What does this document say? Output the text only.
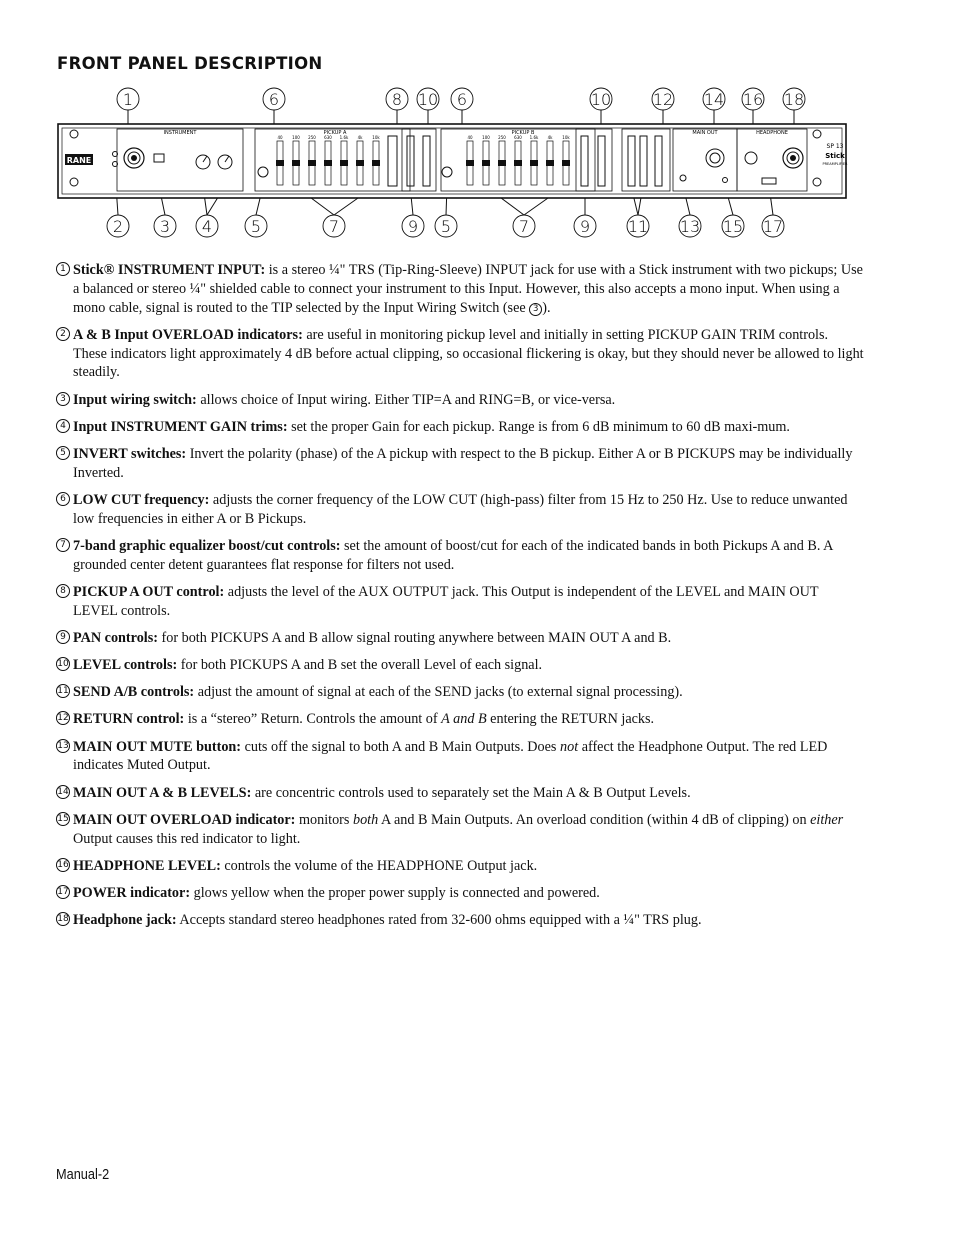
FRONT PANEL DESCRIPTION
1	6	8 10 6	10	12 14 16 18
2 3 4 5	7	9 5	7	9 11 13 15 17
RANE
INSTRUMENT	PICKUP A
40 100 250 630 1.6k 4k 10k
PICKUP B
40 100 250 630 1.6k 4k 10k
MAIN OUT	HEADPHONE
SP 13
Stick
PREAMPLIFIER
1 Stick® INSTRUMENT INPUT: is a stereo ¼" TRS (Tip-Ring-Sleeve) INPUT jack for use with a Stick instrument with two pickups; Use a balanced or stereo ¼" shielded cable to connect your instrument to this Input. However, this also accepts a mono input. When using a mono cable, signal is routed to the TIP selected by the Input Wiring Switch (see 3 ).
2 A & B Input OVERLOAD indicators: are useful in monitoring pickup level and initially in setting PICKUP GAIN TRIM controls. These indicators light approximately 4 dB before actual clipping, so occasional flickering is okay, but they should never be allowed to light steadily.
3 Input wiring switch: allows choice of Input wiring. Either TIP=A and RING=B, or vice-versa.
4 Input INSTRUMENT GAIN trims: set the proper Gain for each pickup. Range is from 6 dB minimum to 60 dB maxi-mum.
5 INVERT switches: Invert the polarity (phase) of the A pickup with respect to the B pickup. Either A or B PICKUPS may be individually Inverted.
6 LOW CUT frequency: adjusts the corner frequency of the LOW CUT (high-pass) filter from 15 Hz to 250 Hz. Use to reduce unwanted low frequencies in either A or B Pickups.
7 7-band graphic equalizer boost/cut controls: set the amount of boost/cut for each of the indicated bands in both Pickups A and B. A grounded center detent guarantees flat response for filters not used.
8 PICKUP A OUT control: adjusts the level of the AUX OUTPUT jack. This Output is independent of the LEVEL and MAIN OUT LEVEL controls.
9 PAN controls: for both PICKUPS A and B allow signal routing anywhere between MAIN OUT A and B.
10 LEVEL controls: for both PICKUPS A and B set the overall Level of each signal.
11 SEND A/B controls: adjust the amount of signal at each of the SEND jacks (to external signal processing).
12 RETURN control: is a “stereo” Return. Controls the amount of A and B entering the RETURN jacks.
13 MAIN OUT MUTE button: cuts off the signal to both A and B Main Outputs. Does not affect the Headphone Output. The red LED indicates Muted Output.
14 MAIN OUT A & B LEVELS: are concentric controls used to separately set the Main A & B Output Levels.
15 MAIN OUT OVERLOAD indicator: monitors both A and B Main Outputs. An overload condition (within 4 dB of clipping) on either Output causes this red indicator to light.
16 HEADPHONE LEVEL: controls the volume of the HEADPHONE Output jack.
17 POWER indicator: glows yellow when the proper power supply is connected and powered.
18 Headphone jack: Accepts standard stereo headphones rated from 32-600 ohms equipped with a ¼" TRS plug.
Manual-2
